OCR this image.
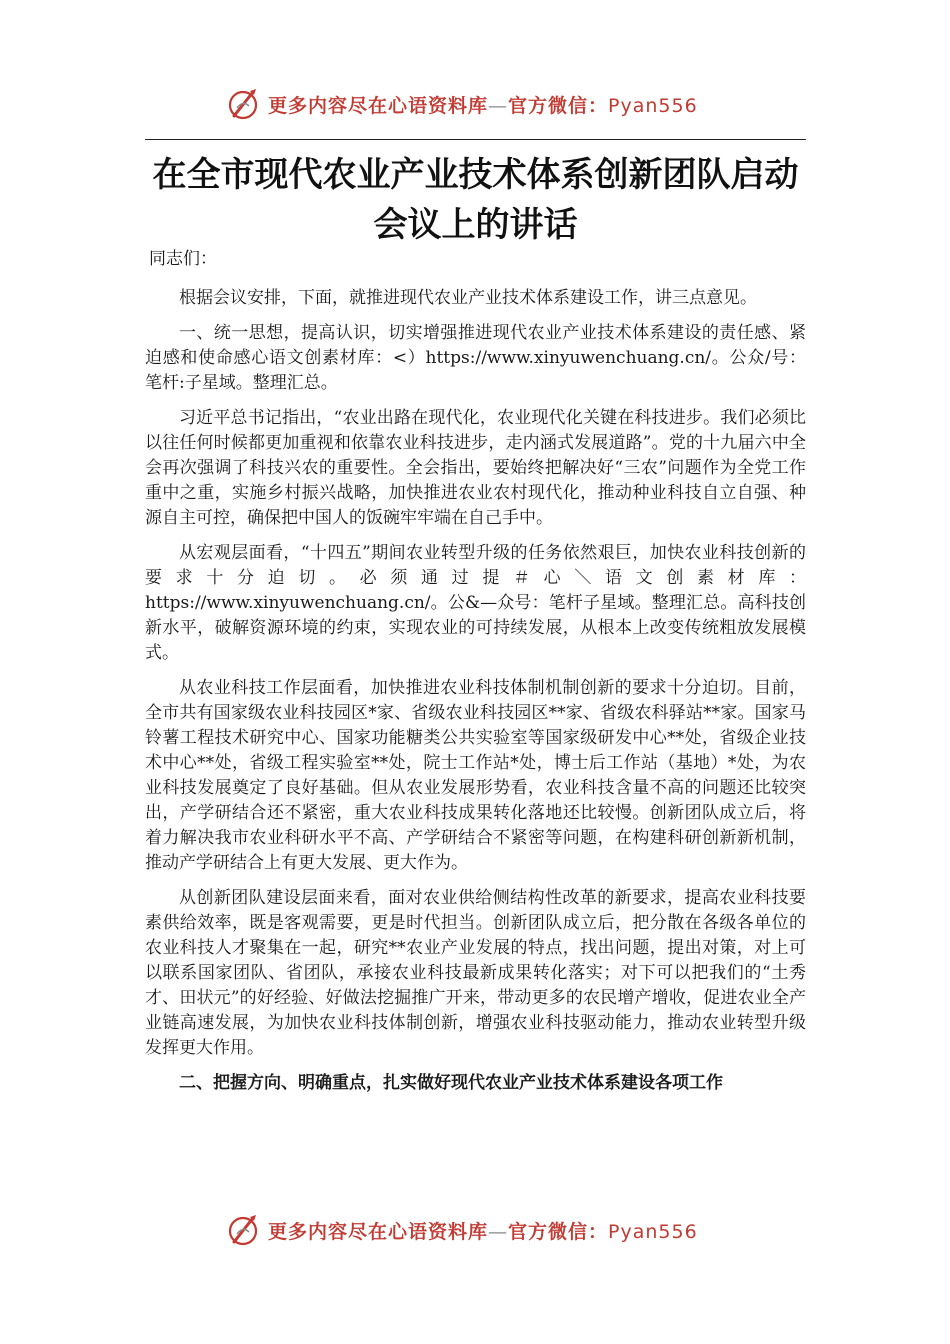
更多内容尽在心语资料库—官方微信：Pyan556
在全市现代农业产业技术体系创新团队启动会议上的讲话

同志们：

根据会议安排，下面，就推进现代农业产业技术体系建设工作，讲三点意见。

一、统一思想，提高认识，切实增强推进现代农业产业技术体系建设的责任感、紧迫感和使命感心语文创素材库：<）https://www.xinyuwenchuang.cn/。公众/号：笔杆:子星域。整理汇总。

习近平总书记指出，“农业出路在现代化，农业现代化关键在科技进步。我们必须比以往任何时候都更加重视和依靠农业科技进步，走内涵式发展道路”。党的十九届六中全会再次强调了科技兴农的重要性。全会指出，要始终把解决好“三农”问题作为全党工作重中之重，实施乡村振兴战略，加快推进农业农村现代化，推动种业科技自立自强、种源自主可控，确保把中国人的饭碗牢牢端在自己手中。

从宏观层面看，“十四五”期间农业转型升级的任务依然艰巨，加快农业科技创新的要求十分迫切。必须通过提＃心＼语文创素材库：https://www.xinyuwenchuang.cn/。公&—众号：笔杆子星域。整理汇总。高科技创新水平，破解资源环境的约束，实现农业的可持续发展，从根本上改变传统粗放发展模式。

从农业科技工作层面看，加快推进农业科技体制机制创新的要求十分迫切。目前，全市共有国家级农业科技园区*家、省级农业科技园区**家、省级农科驿站**家。国家马铃薯工程技术研究中心、国家功能糖类公共实验室等国家级研发中心**处，省级企业技术中心**处，省级工程实验室**处，院士工作站*处，博士后工作站（基地）*处，为农业科技发展奠定了良好基础。但从农业发展形势看，农业科技含量不高的问题还比较突出，产学研结合还不紧密，重大农业科技成果转化落地还比较慢。创新团队成立后，将着力解决我市农业科研水平不高、产学研结合不紧密等问题，在构建科研创新新机制，推动产学研结合上有更大发展、更大作为。

从创新团队建设层面来看，面对农业供给侧结构性改革的新要求，提高农业科技要素供给效率，既是客观需要，更是时代担当。创新团队成立后，把分散在各级各单位的农业科技人才聚集在一起，研究**农业产业发展的特点，找出问题，提出对策，对上可以联系国家团队、省团队，承接农业科技最新成果转化落实；对下可以把我们的“土秀才、田状元”的好经验、好做法挖掘推广开来，带动更多的农民增产增收，促进农业全产业链高速发展，为加快农业科技体制创新，增强农业科技驱动能力，推动农业转型升级发挥更大作用。

二、把握方向、明确重点，扎实做好现代农业产业技术体系建设各项工作

更多内容尽在心语资料库—官方微信：Pyan556
